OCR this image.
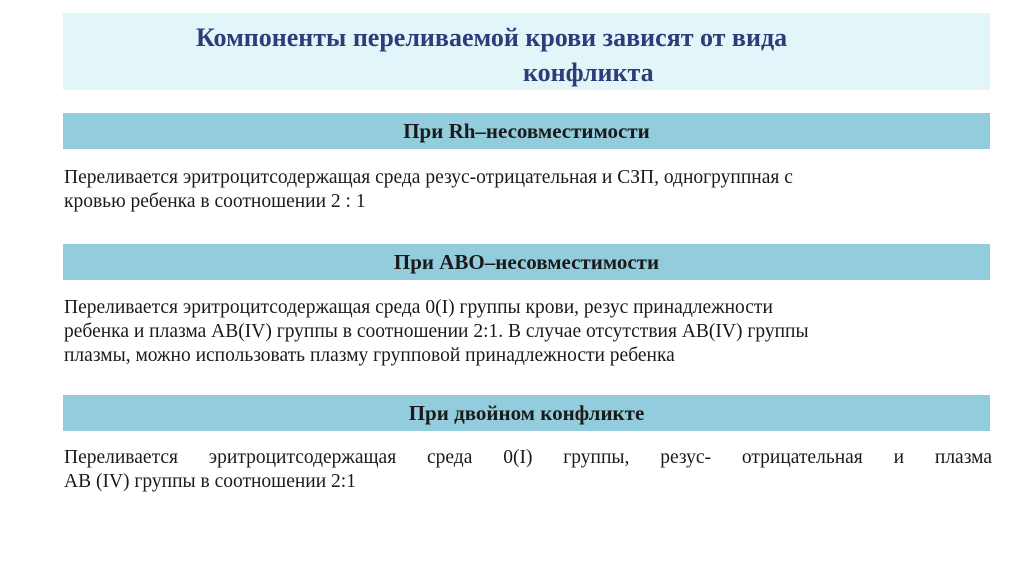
Компоненты переливаемой крови зависят от вида
конфликта
При Rh–несовместимости
Переливается эритроцитсодержащая среда резус-отрицательная и СЗП, одногруппная с
кровью ребенка в соотношении 2 : 1
При АВО–несовместимости
Переливается эритроцитсодержащая среда 0(I) группы крови, резус принадлежности
ребенка и плазма АВ(IV) группы в соотношении 2:1. В случае отсутствия АВ(IV) группы
плазмы, можно использовать плазму групповой принадлежности ребенка
При двойном конфликте
Переливается эритроцитсодержащая среда 0(I) группы, резус- отрицательная и плазма
АВ (IV) группы в соотношении 2:1
